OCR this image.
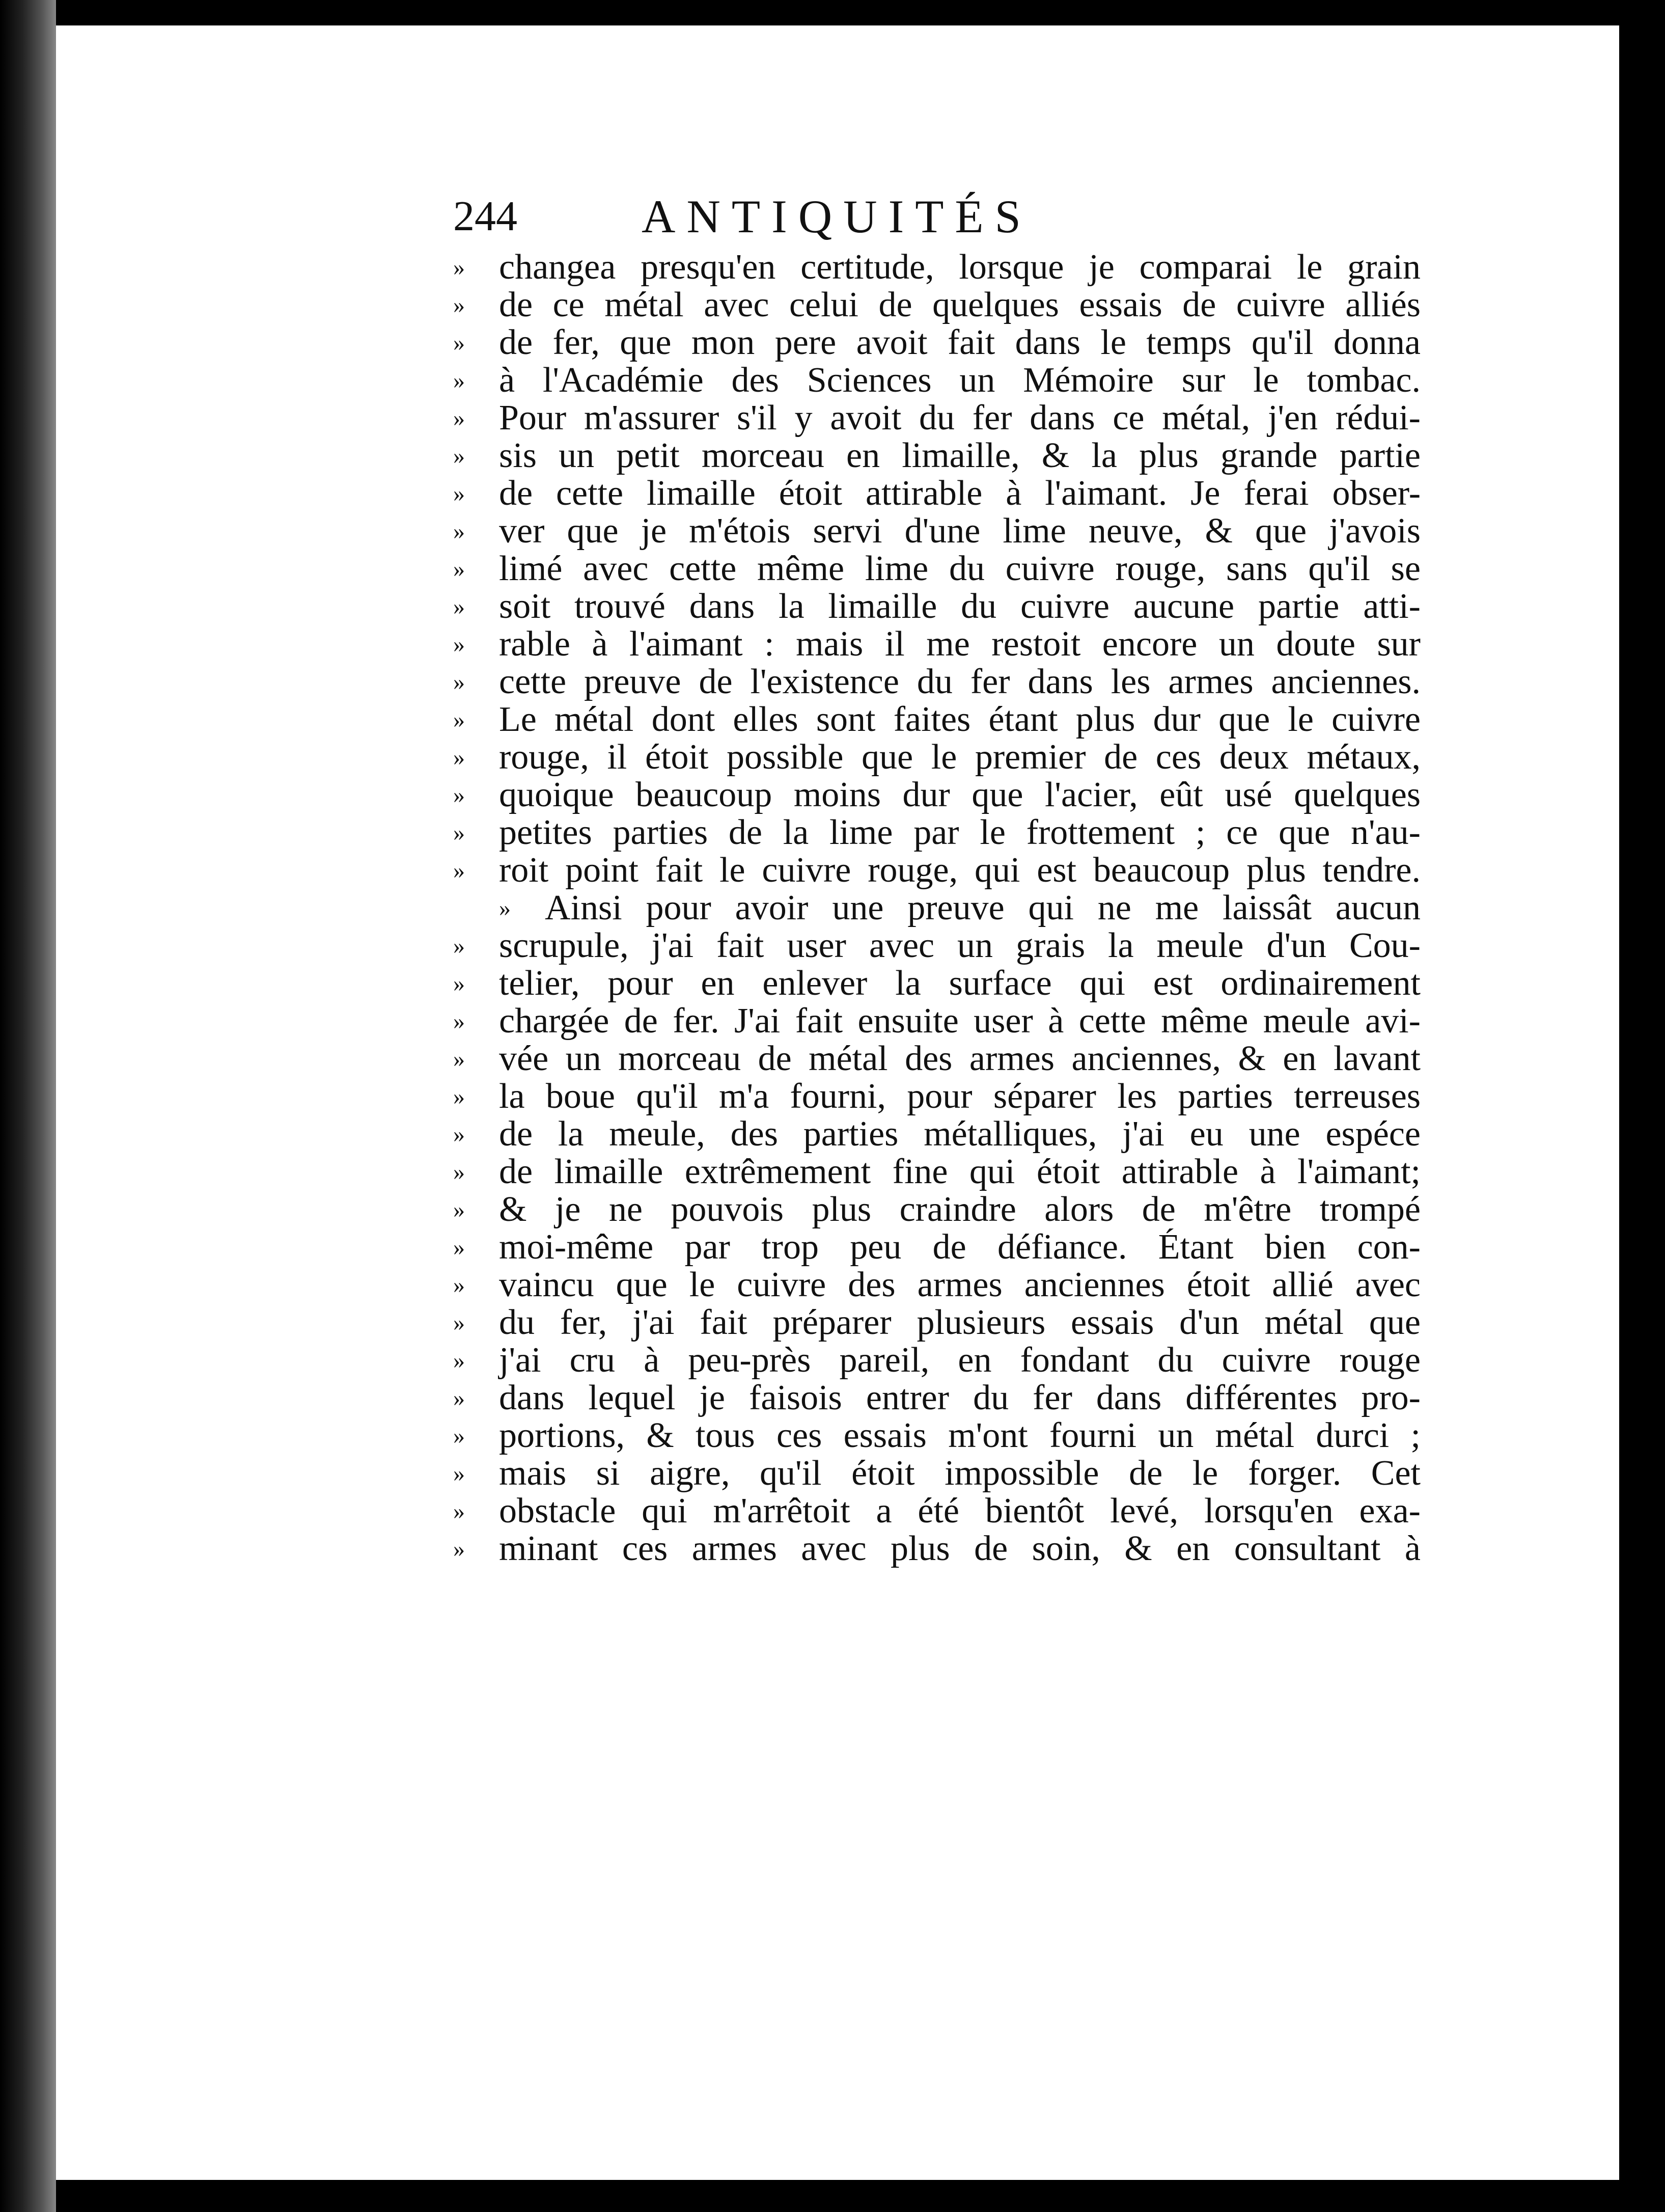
244	ANTIQUITÉS
» changea presqu'en certitude, lorsque je comparai le grain
» de ce métal avec celui de quelques essais de cuivre alliés
» de fer, que mon pere avoit fait dans le temps qu'il donna
» à l'Académie des Sciences un Mémoire sur le tombac.
» Pour m'assurer s'il y avoit du fer dans ce métal, j'en rédui-
» sis un petit morceau en limaille, & la plus grande partie
» de cette limaille étoit attirable à l'aimant. Je ferai obser-
» ver que je m'étois servi d'une lime neuve, & que j'avois
» limé avec cette même lime du cuivre rouge, sans qu'il se
» soit trouvé dans la limaille du cuivre aucune partie atti-
» rable à l'aimant : mais il me restoit encore un doute sur
» cette preuve de l'existence du fer dans les armes anciennes.
» Le métal dont elles sont faites étant plus dur que le cuivre
» rouge, il étoit possible que le premier de ces deux métaux,
» quoique beaucoup moins dur que l'acier, eût usé quelques
» petites parties de la lime par le frottement ; ce que n'au-
» roit point fait le cuivre rouge, qui est beaucoup plus tendre.
» Ainsi pour avoir une preuve qui ne me laissât aucun
» scrupule, j'ai fait user avec un grais la meule d'un Cou-
» telier, pour en enlever la surface qui est ordinairement
» chargée de fer. J'ai fait ensuite user à cette même meule avi-
» vée un morceau de métal des armes anciennes, & en lavant
» la boue qu'il m'a fourni, pour séparer les parties terreuses
» de la meule, des parties métalliques, j'ai eu une espéce
» de limaille extrêmement fine qui étoit attirable à l'aimant;
» & je ne pouvois plus craindre alors de m'être trompé
» moi-même par trop peu de défiance. Étant bien con-
» vaincu que le cuivre des armes anciennes étoit allié avec
» du fer, j'ai fait préparer plusieurs essais d'un métal que
» j'ai cru à peu-près pareil, en fondant du cuivre rouge
» dans lequel je faisois entrer du fer dans différentes pro-
» portions, & tous ces essais m'ont fourni un métal durci ;
» mais si aigre, qu'il étoit impossible de le forger. Cet
» obstacle qui m'arrêtoit a été bientôt levé, lorsqu'en exa-
» minant ces armes avec plus de soin, & en consultant à
